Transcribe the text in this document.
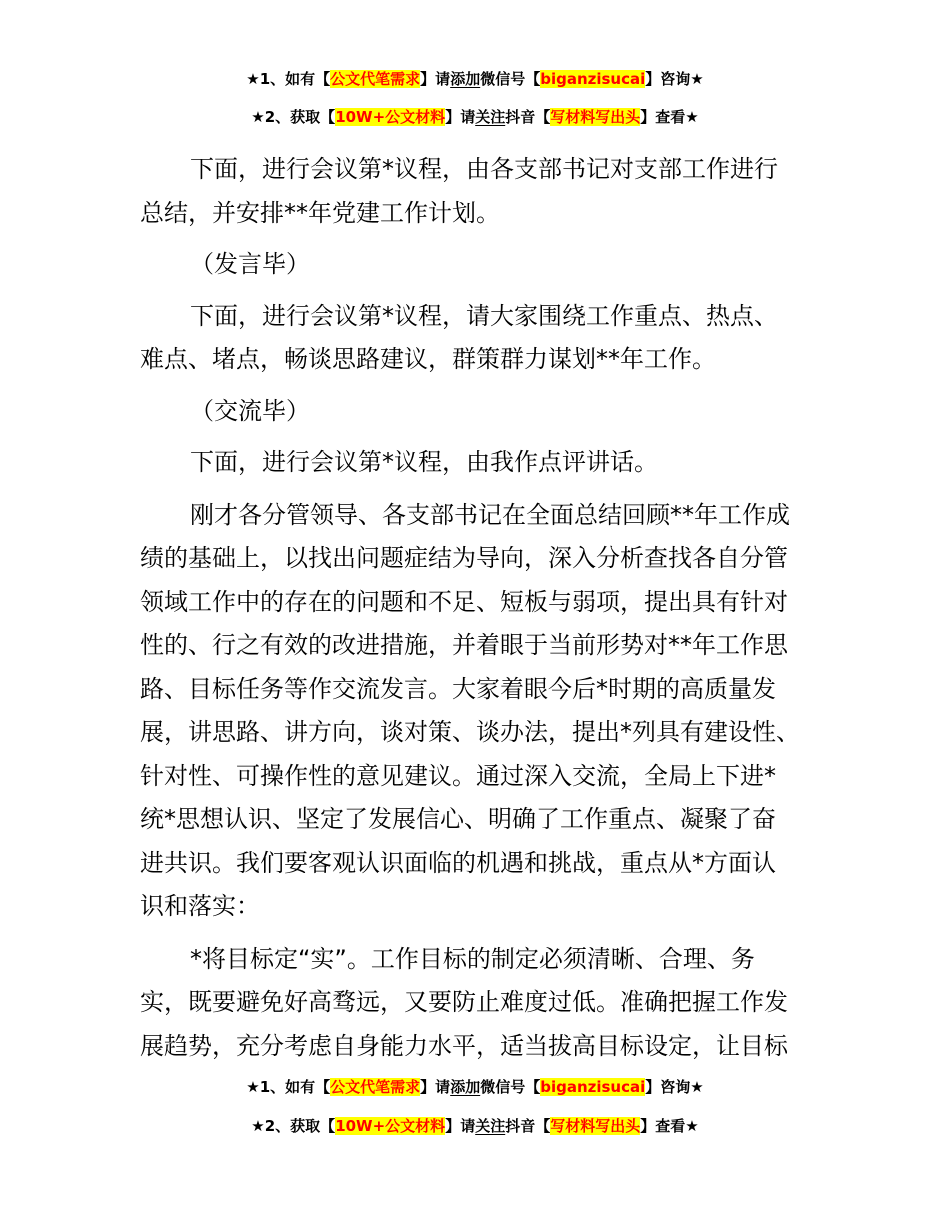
★1、如有【公文代笔需求】请添加微信号【biganzisucai】咨询★
★2、获取【10W+公文材料】请关注抖音【写材料写出头】查看★

下面，进行会议第*议程，由各支部书记对支部工作进行
总结，并安排**年党建工作计划。

（发言毕）

下面，进行会议第*议程，请大家围绕工作重点、热点、
难点、堵点，畅谈思路建议，群策群力谋划**年工作。

（交流毕）

下面，进行会议第*议程，由我作点评讲话。

刚才各分管领导、各支部书记在全面总结回顾**年工作成
绩的基础上，以找出问题症结为导向，深入分析查找各自分管
领域工作中的存在的问题和不足、短板与弱项，提出具有针对
性的、行之有效的改进措施，并着眼于当前形势对**年工作思
路、目标任务等作交流发言。大家着眼今后*时期的高质量发
展，讲思路、讲方向，谈对策、谈办法，提出*列具有建设性、
针对性、可操作性的意见建议。通过深入交流，全局上下进*
统*思想认识、坚定了发展信心、明确了工作重点、凝聚了奋
进共识。我们要客观认识面临的机遇和挑战，重点从*方面认
识和落实：

*将目标定“实”。工作目标的制定必须清晰、合理、务
实，既要避免好高骛远，又要防止难度过低。准确把握工作发
展趋势，充分考虑自身能力水平，适当拔高目标设定，让目标

★1、如有【公文代笔需求】请添加微信号【biganzisucai】咨询★
★2、获取【10W+公文材料】请关注抖音【写材料写出头】查看★
